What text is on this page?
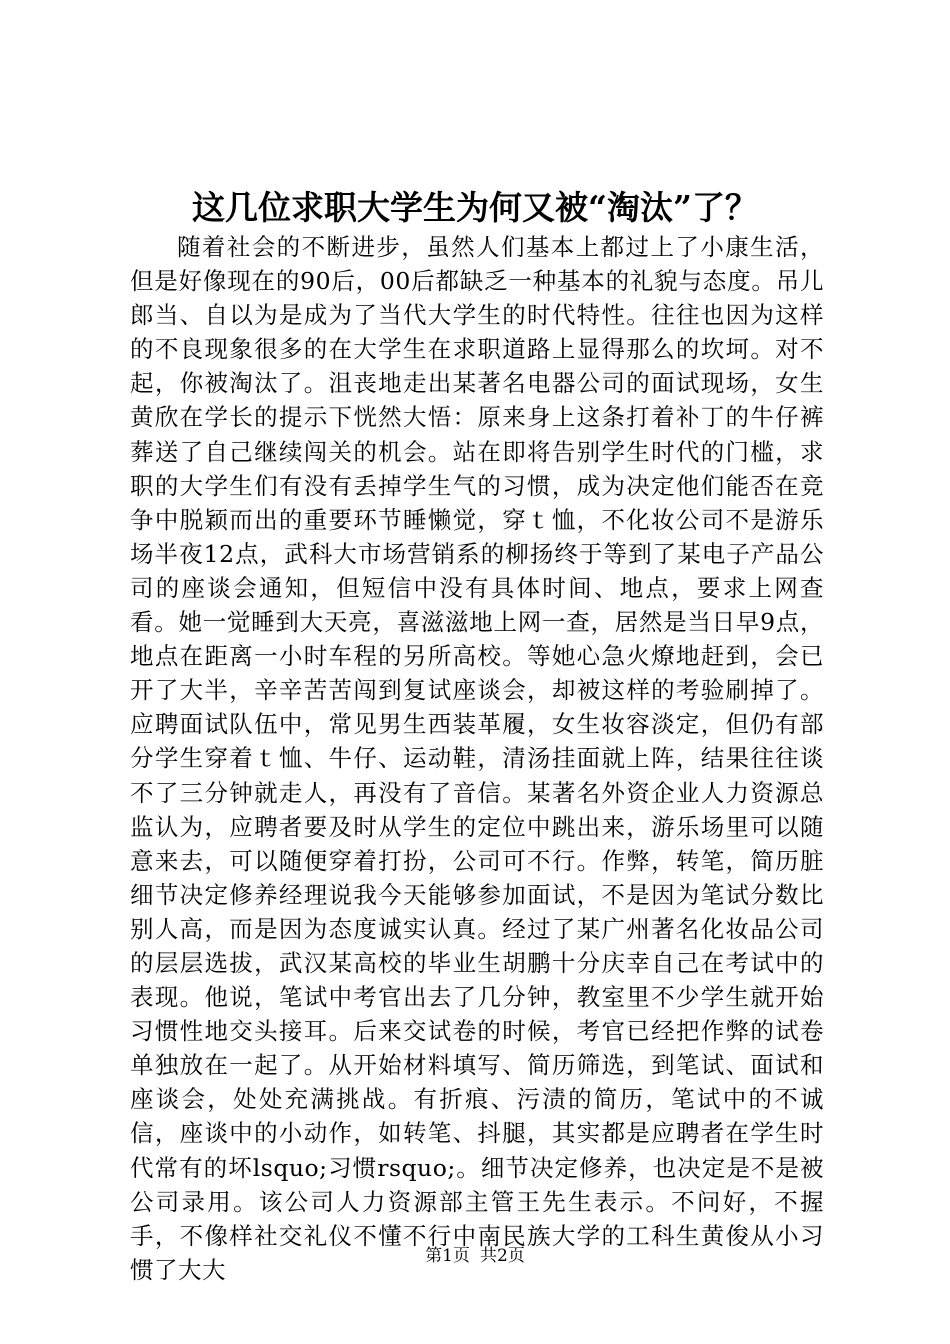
这几位求职大学生为何又被“淘汰”了？

随着社会的不断进步，虽然人们基本上都过上了小康生活，但是好像现在的90后，00后都缺乏一种基本的礼貌与态度。吊儿郎当、自以为是成为了当代大学生的时代特性。往往也因为这样的不良现象很多的在大学生在求职道路上显得那么的坎坷。对不起，你被淘汰了。沮丧地走出某著名电器公司的面试现场，女生黄欣在学长的提示下恍然大悟：原来身上这条打着补丁的牛仔裤葬送了自己继续闯关的机会。站在即将告别学生时代的门槛，求职的大学生们有没有丢掉学生气的习惯，成为决定他们能否在竞争中脱颖而出的重要环节睡懒觉，穿ｔ恤，不化妆公司不是游乐场半夜12点，武科大市场营销系的柳扬终于等到了某电子产品公司的座谈会通知，但短信中没有具体时间、地点，要求上网查看。她一觉睡到大天亮，喜滋滋地上网一查，居然是当日早9点，地点在距离一小时车程的另所高校。等她心急火燎地赶到，会已开了大半，辛辛苦苦闯到复试座谈会，却被这样的考验刷掉了。应聘面试队伍中，常见男生西装革履，女生妆容淡定，但仍有部分学生穿着ｔ恤、牛仔、运动鞋，清汤挂面就上阵，结果往往谈不了三分钟就走人，再没有了音信。某著名外资企业人力资源总监认为，应聘者要及时从学生的定位中跳出来，游乐场里可以随意来去，可以随便穿着打扮，公司可不行。作弊，转笔，简历脏细节决定修养经理说我今天能够参加面试，不是因为笔试分数比别人高，而是因为态度诚实认真。经过了某广州著名化妆品公司的层层选拔，武汉某高校的毕业生胡鹏十分庆幸自己在考试中的表现。他说，笔试中考官出去了几分钟，教室里不少学生就开始习惯性地交头接耳。后来交试卷的时候，考官已经把作弊的试卷单独放在一起了。从开始材料填写、简历筛选，到笔试、面试和座谈会，处处充满挑战。有折痕、污渍的简历，笔试中的不诚信，座谈中的小动作，如转笔、抖腿，其实都是应聘者在学生时代常有的坏lsquo;习惯rsquo;。细节决定修养，也决定是不是被公司录用。该公司人力资源部主管王先生表示。不问好，不握手，不像样社交礼仪不懂不行中南民族大学的工科生黄俊从小习惯了大大	第1页 共2页
